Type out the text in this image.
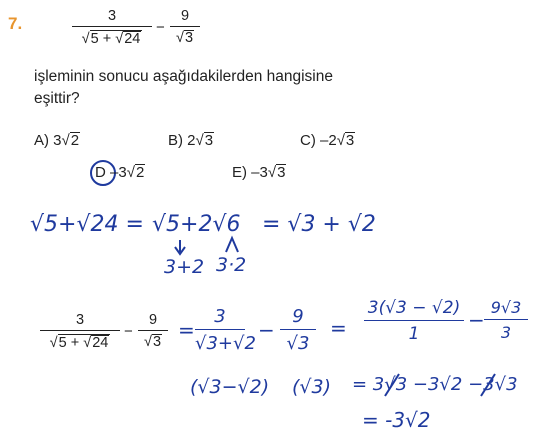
7.	3
√5 + √24
−
9
√3
işleminin sonucu aşağıdakilerden hangisine
eşittir?
A) 3√2	B) 2√3	C) –2√3
D –3√2	E) –3√3
√5+√24 = √5+2√6 = √3 + √2
3+2 3·2
3
√5 + √24
−
9
√3 =
3
√3+√2
−
9
√3
=
3(√3 − √2)
1
−
9√3
3
(√3−√2) (√3) = 3√3 −3√2 −3√3
= -3√2
